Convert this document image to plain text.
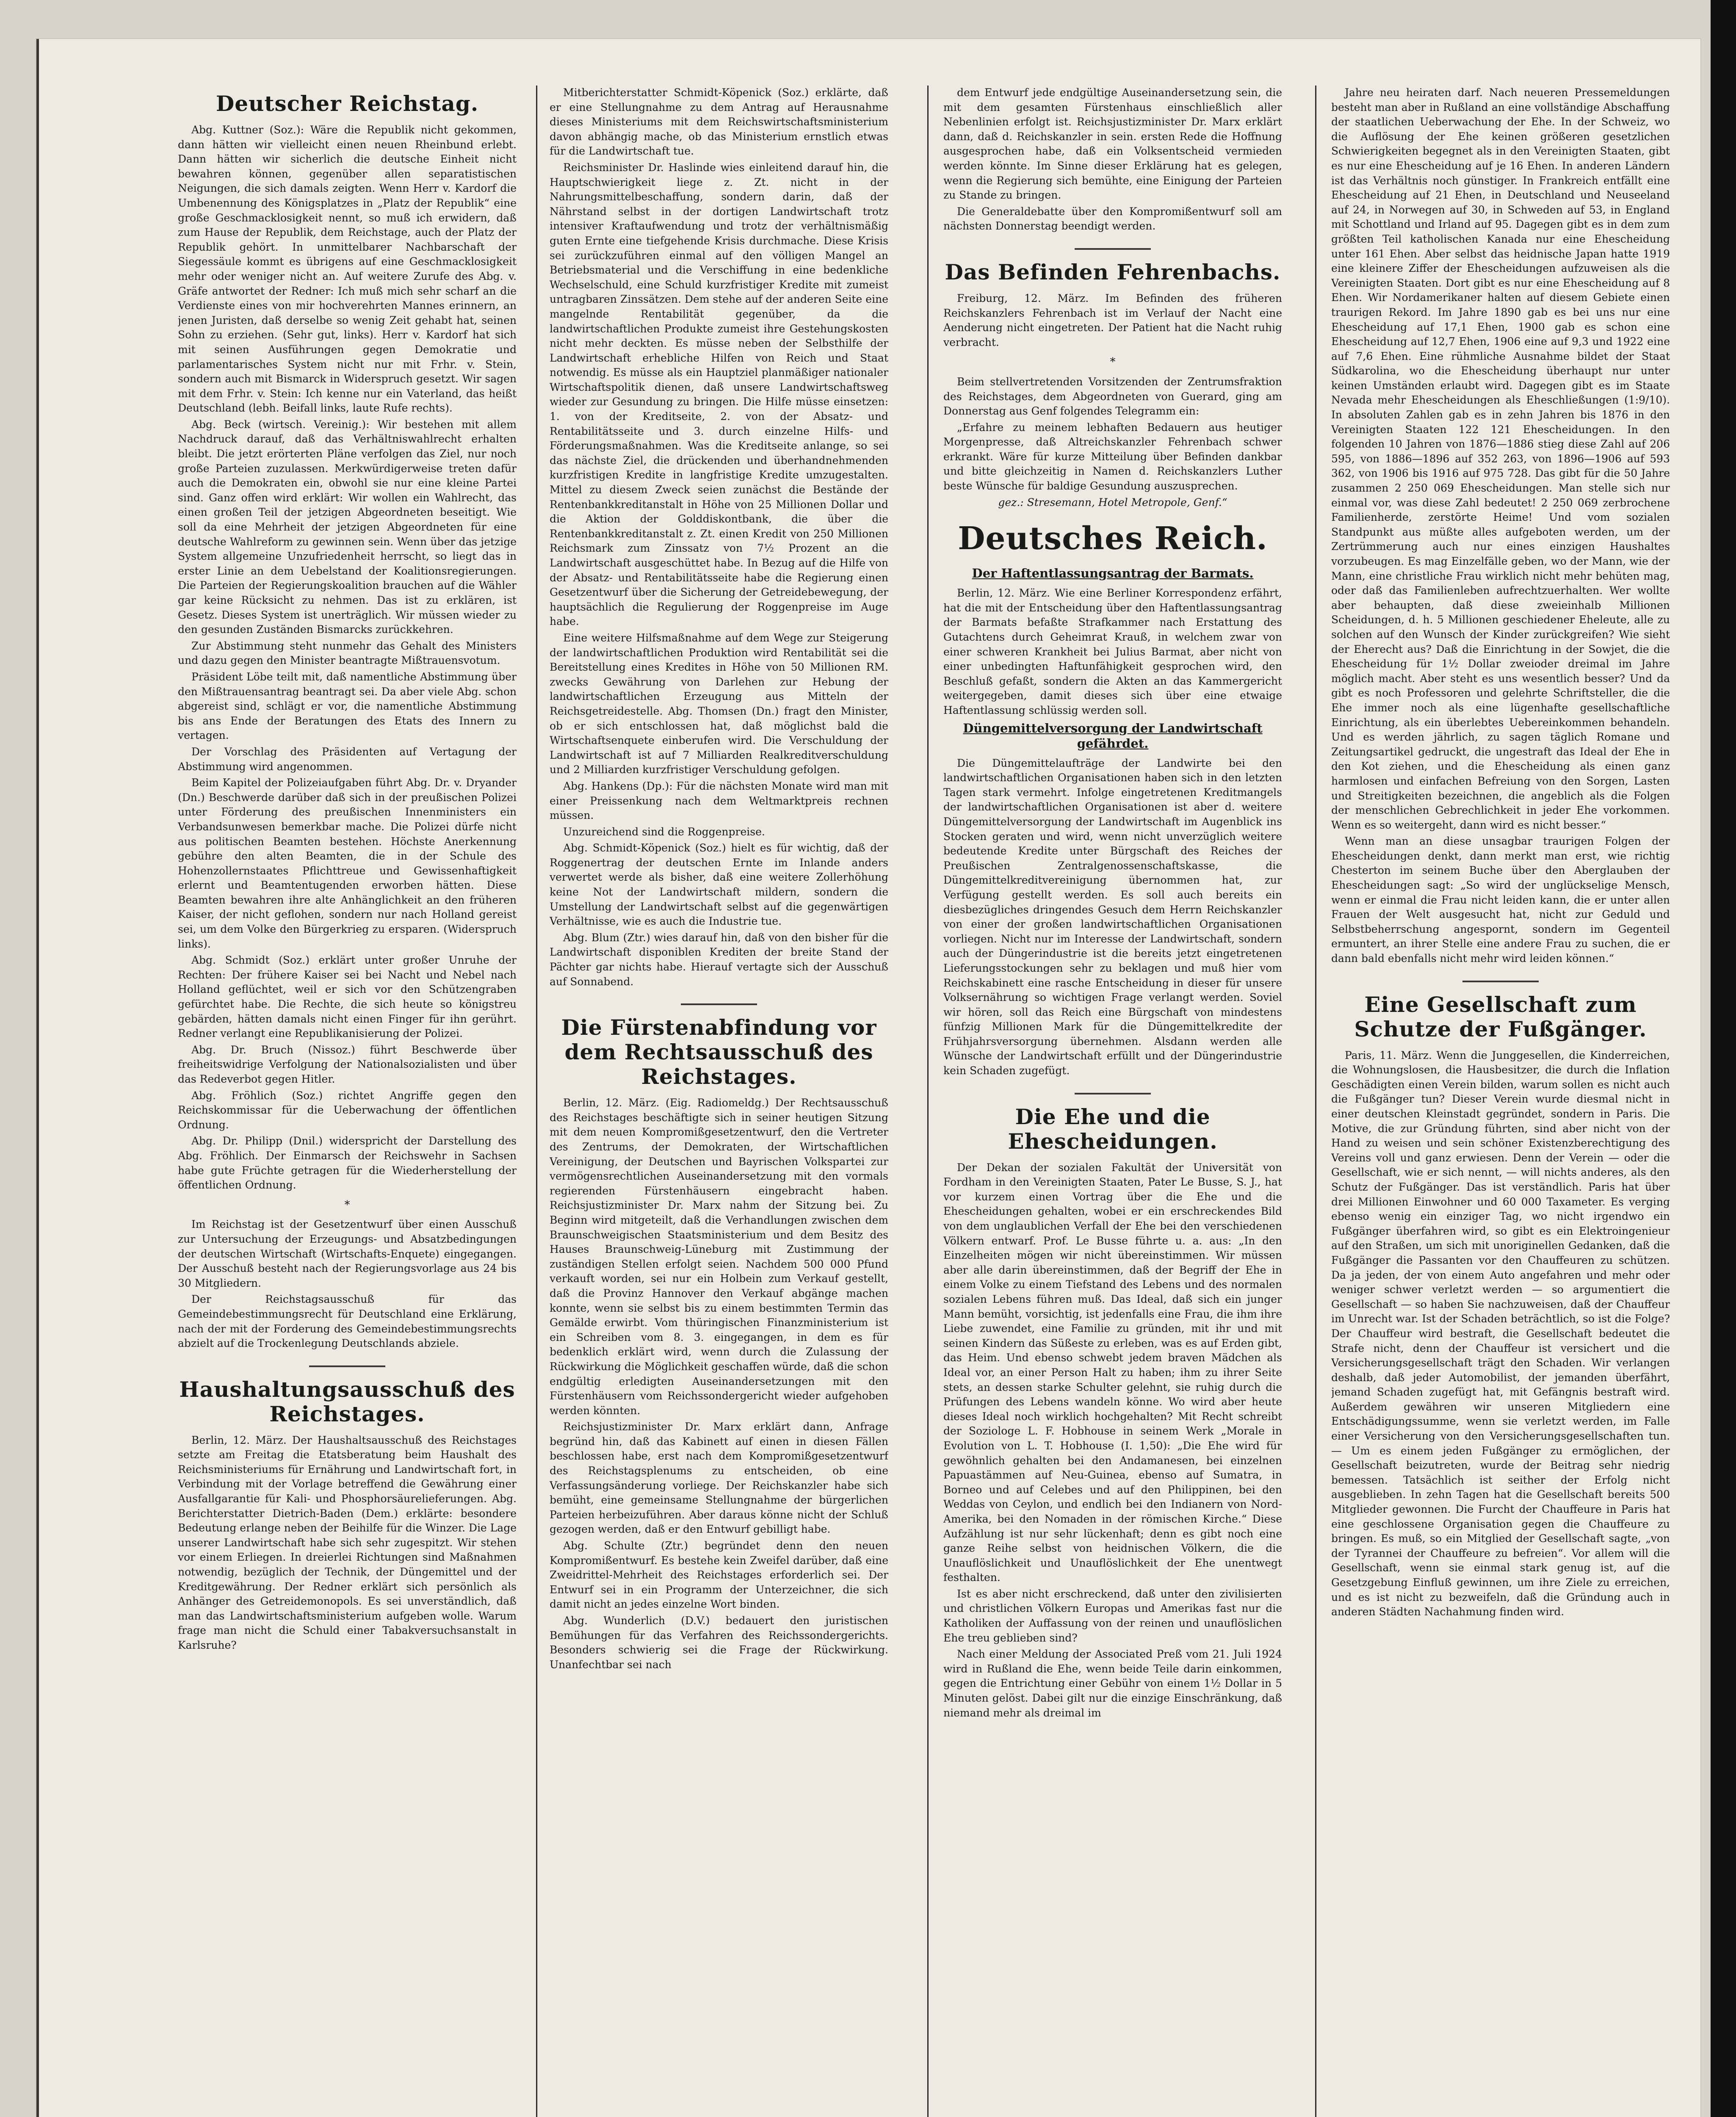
Deutscher Reichstag.

Abg. Kuttner (Soz.): Wäre die Republik nicht gekommen, dann hätten wir vielleicht einen neuen Rheinbund erlebt. Dann hätten wir sicherlich die deutsche Einheit nicht bewahren können, gegenüber allen separatistischen Neigungen, die sich damals zeigten. Wenn Herr v. Kardorf die Umbenennung des Königsplatzes in „Platz der Republik“ eine große Geschmacklosigkeit nennt, so muß ich erwidern, daß zum Hause der Republik, dem Reichstage, auch der Platz der Republik gehört. In unmittelbarer Nachbarschaft der Siegessäule kommt es übrigens auf eine Geschmacklosigkeit mehr oder weniger nicht an. Auf weitere Zurufe des Abg. v. Gräfe antwortet der Redner: Ich muß mich sehr scharf an die Verdienste eines von mir hochverehrten Mannes erinnern, an jenen Juristen, daß derselbe so wenig Zeit gehabt hat, seinen Sohn zu erziehen. (Sehr gut, links). Herr v. Kardorf hat sich mit seinen Ausführungen gegen Demokratie und parlamentarisches System nicht nur mit Frhr. v. Stein, sondern auch mit Bismarck in Widerspruch gesetzt. Wir sagen mit dem Frhr. v. Stein: Ich kenne nur ein Vaterland, das heißt Deutschland (lebh. Beifall links, laute Rufe rechts).

Abg. Beck (wirtsch. Vereinig.): Wir bestehen mit allem Nachdruck darauf, daß das Verhältniswahlrecht erhalten bleibt. Die jetzt erörterten Pläne verfolgen das Ziel, nur noch große Parteien zuzulassen. Merkwürdigerweise treten dafür auch die Demokraten ein, obwohl sie nur eine kleine Partei sind. Ganz offen wird erklärt: Wir wollen ein Wahlrecht, das einen großen Teil der jetzigen Abgeordneten beseitigt. Wie soll da eine Mehrheit der jetzigen Abgeordneten für eine deutsche Wahlreform zu gewinnen sein. Wenn über das jetzige System allgemeine Unzufriedenheit herrscht, so liegt das in erster Linie an dem Uebelstand der Koalitionsregierungen. Die Parteien der Regierungskoalition brauchen auf die Wähler gar keine Rücksicht zu nehmen. Das ist zu erklären, ist Gesetz. Dieses System ist unerträglich. Wir müssen wieder zu den gesunden Zuständen Bismarcks zurückkehren.

Zur Abstimmung steht nunmehr das Gehalt des Ministers und dazu gegen den Minister beantragte Mißtrauensvotum.

Präsident Löbe teilt mit, daß namentliche Abstimmung über den Mißtrauensantrag beantragt sei. Da aber viele Abg. schon abgereist sind, schlägt er vor, die namentliche Abstimmung bis ans Ende der Beratungen des Etats des Innern zu vertagen.

Der Vorschlag des Präsidenten auf Vertagung der Abstimmung wird angenommen.

Beim Kapitel der Polizeiaufgaben führt Abg. Dr. v. Dryander (Dn.) Beschwerde darüber daß sich in der preußischen Polizei unter Förderung des preußischen Innenministers ein Verbandsunwesen bemerkbar mache. Die Polizei dürfe nicht aus politischen Beamten bestehen. Höchste Anerkennung gebühre den alten Beamten, die in der Schule des Hohenzollernstaates Pflichttreue und Gewissenhaftigkeit erlernt und Beamtentugenden erworben hätten. Diese Beamten bewahren ihre alte Anhänglichkeit an den früheren Kaiser, der nicht geflohen, sondern nur nach Holland gereist sei, um dem Volke den Bürgerkrieg zu ersparen. (Widerspruch links).

Abg. Schmidt (Soz.) erklärt unter großer Unruhe der Rechten: Der frühere Kaiser sei bei Nacht und Nebel nach Holland geflüchtet, weil er sich vor den Schützengraben gefürchtet habe. Die Rechte, die sich heute so königstreu gebärden, hätten damals nicht einen Finger für ihn gerührt. Redner verlangt eine Republikanisierung der Polizei.

Abg. Dr. Bruch (Nissoz.) führt Beschwerde über freiheitswidrige Verfolgung der Nationalsozialisten und über das Redeverbot gegen Hitler.

Abg. Fröhlich (Soz.) richtet Angriffe gegen den Reichskommissar für die Ueberwachung der öffentlichen Ordnung.

Abg. Dr. Philipp (Dnil.) widerspricht der Darstellung des Abg. Fröhlich. Der Einmarsch der Reichswehr in Sachsen habe gute Früchte getragen für die Wiederherstellung der öffentlichen Ordnung.

*

Im Reichstag ist der Gesetzentwurf über einen Ausschuß zur Untersuchung der Erzeugungs- und Absatzbedingungen der deutschen Wirtschaft (Wirtschafts-Enquete) eingegangen. Der Ausschuß besteht nach der Regierungsvorlage aus 24 bis 30 Mitgliedern.

Der Reichstagsausschuß für das Gemeindebestimmungsrecht für Deutschland eine Erklärung, nach der mit der Forderung des Gemeindebestimmungsrechts abzielt auf die Trockenlegung Deutschlands abziele.

Haushaltungsausschuß des Reichstages.

Berlin, 12. März. Der Haushaltsausschuß des Reichstages setzte am Freitag die Etatsberatung beim Haushalt des Reichsministeriums für Ernährung und Landwirtschaft fort, in Verbindung mit der Vorlage betreffend die Gewährung einer Ausfallgarantie für Kali- und Phosphorsäurelieferungen. Abg. Berichterstatter Dietrich-Baden (Dem.) erklärte: besondere Bedeutung erlange neben der Beihilfe für die Winzer. Die Lage unserer Landwirtschaft habe sich sehr zugespitzt. Wir stehen vor einem Erliegen. In dreierlei Richtungen sind Maßnahmen notwendig, bezüglich der Technik, der Düngemittel und der Kreditgewährung. Der Redner erklärt sich persönlich als Anhänger des Getreidemonopols. Es sei unverständlich, daß man das Landwirtschaftsministerium aufgeben wolle. Warum frage man nicht die Schuld einer Tabakversuchsanstalt in Karlsruhe?

Mitberichterstatter Schmidt-Köpenick (Soz.) erklärte, daß er eine Stellungnahme zu dem Antrag auf Herausnahme dieses Ministeriums mit dem Reichswirtschaftsministerium davon abhängig mache, ob das Ministerium ernstlich etwas für die Landwirtschaft tue.

Reichsminister Dr. Haslinde wies einleitend darauf hin, die Hauptschwierigkeit liege z. Zt. nicht in der Nahrungsmittelbeschaffung, sondern darin, daß der Nährstand selbst in der dortigen Landwirtschaft trotz intensiver Kraftaufwendung und trotz der verhältnismäßig guten Ernte eine tiefgehende Krisis durchmache. Diese Krisis sei zurückzuführen einmal auf den völligen Mangel an Betriebsmaterial und die Verschiffung in eine bedenkliche Wechselschuld, eine Schuld kurzfristiger Kredite mit zumeist untragbaren Zinssätzen. Dem stehe auf der anderen Seite eine mangelnde Rentabilität gegenüber, da die landwirtschaftlichen Produkte zumeist ihre Gestehungskosten nicht mehr deckten. Es müsse neben der Selbsthilfe der Landwirtschaft erhebliche Hilfen von Reich und Staat notwendig. Es müsse als ein Hauptziel planmäßiger nationaler Wirtschaftspolitik dienen, daß unsere Landwirtschaftsweg wieder zur Gesundung zu bringen. Die Hilfe müsse einsetzen: 1. von der Kreditseite, 2. von der Absatz- und Rentabilitätsseite und 3. durch einzelne Hilfs- und Förderungsmaßnahmen. Was die Kreditseite anlange, so sei das nächste Ziel, die drückenden und überhandnehmenden kurzfristigen Kredite in langfristige Kredite umzugestalten. Mittel zu diesem Zweck seien zunächst die Bestände der Rentenbankkreditanstalt in Höhe von 25 Millionen Dollar und die Aktion der Golddiskontbank, die über die Rentenbankkreditanstalt z. Zt. einen Kredit von 250 Millionen Reichsmark zum Zinssatz von 7½ Prozent an die Landwirtschaft ausgeschüttet habe. In Bezug auf die Hilfe von der Absatz- und Rentabilitätsseite habe die Regierung einen Gesetzentwurf über die Sicherung der Getreidebewegung, der hauptsächlich die Regulierung der Roggenpreise im Auge habe.

Eine weitere Hilfsmaßnahme auf dem Wege zur Steigerung der landwirtschaftlichen Produktion wird Rentabilität sei die Bereitstellung eines Kredites in Höhe von 50 Millionen RM. zwecks Gewährung von Darlehen zur Hebung der landwirtschaftlichen Erzeugung aus Mitteln der Reichsgetreidestelle. Abg. Thomsen (Dn.) fragt den Minister, ob er sich entschlossen hat, daß möglichst bald die Wirtschaftsenquete einberufen wird. Die Verschuldung der Landwirtschaft ist auf 7 Milliarden Realkreditverschuldung und 2 Milliarden kurzfristiger Verschuldung gefolgen.

Abg. Hankens (Dp.): Für die nächsten Monate wird man mit einer Preissenkung nach dem Weltmarktpreis rechnen müssen.

Unzureichend sind die Roggenpreise.

Abg. Schmidt-Köpenick (Soz.) hielt es für wichtig, daß der Roggenertrag der deutschen Ernte im Inlande anders verwertet werde als bisher, daß eine weitere Zollerhöhung keine Not der Landwirtschaft mildern, sondern die Umstellung der Landwirtschaft selbst auf die gegenwärtigen Verhältnisse, wie es auch die Industrie tue.

Abg. Blum (Ztr.) wies darauf hin, daß von den bisher für die Landwirtschaft disponiblen Krediten der breite Stand der Pächter gar nichts habe. Hierauf vertagte sich der Ausschuß auf Sonnabend.

Die Fürstenabfindung vor dem Rechtsausschuß des Reichstages.

Berlin, 12. März. (Eig. Radiomeldg.) Der Rechtsausschuß des Reichstages beschäftigte sich in seiner heutigen Sitzung mit dem neuen Kompromißgesetzentwurf, den die Vertreter des Zentrums, der Demokraten, der Wirtschaftlichen Vereinigung, der Deutschen und Bayrischen Volkspartei zur vermögensrechtlichen Auseinandersetzung mit den vormals regierenden Fürstenhäusern eingebracht haben. Reichsjustizminister Dr. Marx nahm der Sitzung bei. Zu Beginn wird mitgeteilt, daß die Verhandlungen zwischen dem Braunschweigischen Staatsministerium und dem Besitz des Hauses Braunschweig-Lüneburg mit Zustimmung der zuständigen Stellen erfolgt seien. Nachdem 500 000 Pfund verkauft worden, sei nur ein Holbein zum Verkauf gestellt, daß die Provinz Hannover den Verkauf abgänge machen konnte, wenn sie selbst bis zu einem bestimmten Termin das Gemälde erwirbt. Vom thüringischen Finanzministerium ist ein Schreiben vom 8. 3. eingegangen, in dem es für bedenklich erklärt wird, wenn durch die Zulassung der Rückwirkung die Möglichkeit geschaffen würde, daß die schon endgültig erledigten Auseinandersetzungen mit den Fürstenhäusern vom Reichssondergericht wieder aufgehoben werden könnten.

Reichsjustizminister Dr. Marx erklärt dann, Anfrage begründ hin, daß das Kabinett auf einen in diesen Fällen beschlossen habe, erst nach dem Kompromißgesetzentwurf des Reichstagsplenums zu entscheiden, ob eine Verfassungsänderung vorliege. Der Reichskanzler habe sich bemüht, eine gemeinsame Stellungnahme der bürgerlichen Parteien herbeizuführen. Aber daraus könne nicht der Schluß gezogen werden, daß er den Entwurf gebilligt habe.

Abg. Schulte (Ztr.) begründet denn den neuen Kompromißentwurf. Es bestehe kein Zweifel darüber, daß eine Zweidrittel-Mehrheit des Reichstages erforderlich sei. Der Entwurf sei in ein Programm der Unterzeichner, die sich damit nicht an jedes einzelne Wort binden.

Abg. Wunderlich (D.V.) bedauert den juristischen Bemühungen für das Verfahren des Reichssondergerichts. Besonders schwierig sei die Frage der Rückwirkung. Unanfechtbar sei nach

dem Entwurf jede endgültige Auseinandersetzung sein, die mit dem gesamten Fürstenhaus einschließlich aller Nebenlinien erfolgt ist. Reichsjustizminister Dr. Marx erklärt dann, daß d. Reichskanzler in sein. ersten Rede die Hoffnung ausgesprochen habe, daß ein Volksentscheid vermieden werden könnte. Im Sinne dieser Erklärung hat es gelegen, wenn die Regierung sich bemühte, eine Einigung der Parteien zu Stande zu bringen.

Die Generaldebatte über den Kompromißentwurf soll am nächsten Donnerstag beendigt werden.

Das Befinden Fehrenbachs.

Freiburg, 12. März. Im Befinden des früheren Reichskanzlers Fehrenbach ist im Verlauf der Nacht eine Aenderung nicht eingetreten. Der Patient hat die Nacht ruhig verbracht.

*

Beim stellvertretenden Vorsitzenden der Zentrumsfraktion des Reichstages, dem Abgeordneten von Guerard, ging am Donnerstag aus Genf folgendes Telegramm ein:

„Erfahre zu meinem lebhaften Bedauern aus heutiger Morgenpresse, daß Altreichskanzler Fehrenbach schwer erkrankt. Wäre für kurze Mitteilung über Befinden dankbar und bitte gleichzeitig in Namen d. Reichskanzlers Luther beste Wünsche für baldige Gesundung auszusprechen.

gez.: Stresemann, Hotel Metropole, Genf.“

Deutsches Reich.
Der Haftentlassungsantrag der Barmats.

Berlin, 12. März. Wie eine Berliner Korrespondenz erfährt, hat die mit der Entscheidung über den Haftentlassungsantrag der Barmats befaßte Strafkammer nach Erstattung des Gutachtens durch Geheimrat Krauß, in welchem zwar von einer schweren Krankheit bei Julius Barmat, aber nicht von einer unbedingten Haftunfähigkeit gesprochen wird, den Beschluß gefaßt, sondern die Akten an das Kammergericht weitergegeben, damit dieses sich über eine etwaige Haftentlassung schlüssig werden soll.

Düngemittelversorgung der Landwirtschaft gefährdet.

Die Düngemittelaufträge der Landwirte bei den landwirtschaftlichen Organisationen haben sich in den letzten Tagen stark vermehrt. Infolge eingetretenen Kreditmangels der landwirtschaftlichen Organisationen ist aber d. weitere Düngemittelversorgung der Landwirtschaft im Augenblick ins Stocken geraten und wird, wenn nicht unverzüglich weitere bedeutende Kredite unter Bürgschaft des Reiches der Preußischen Zentralgenossenschaftskasse, die Düngemittelkreditvereinigung übernommen hat, zur Verfügung gestellt werden. Es soll auch bereits ein diesbezügliches dringendes Gesuch dem Herrn Reichskanzler von einer der großen landwirtschaftlichen Organisationen vorliegen. Nicht nur im Interesse der Landwirtschaft, sondern auch der Düngerindustrie ist die bereits jetzt eingetretenen Lieferungsstockungen sehr zu beklagen und muß hier vom Reichskabinett eine rasche Entscheidung in dieser für unsere Volksernährung so wichtigen Frage verlangt werden. Soviel wir hören, soll das Reich eine Bürgschaft von mindestens fünfzig Millionen Mark für die Düngemittelkredite der Frühjahrsversorgung übernehmen. Alsdann werden alle Wünsche der Landwirtschaft erfüllt und der Düngerindustrie kein Schaden zugefügt.

Die Ehe und die Ehescheidungen.

Der Dekan der sozialen Fakultät der Universität von Fordham in den Vereinigten Staaten, Pater Le Busse, S. J., hat vor kurzem einen Vortrag über die Ehe und die Ehescheidungen gehalten, wobei er ein erschreckendes Bild von dem unglaublichen Verfall der Ehe bei den verschiedenen Völkern entwarf. Prof. Le Busse führte u. a. aus: „In den Einzelheiten mögen wir nicht übereinstimmen. Wir müssen aber alle darin übereinstimmen, daß der Begriff der Ehe in einem Volke zu einem Tiefstand des Lebens und des normalen sozialen Lebens führen muß. Das Ideal, daß sich ein junger Mann bemüht, vorsichtig, ist jedenfalls eine Frau, die ihm ihre Liebe zuwendet, eine Familie zu gründen, mit ihr und mit seinen Kindern das Süßeste zu erleben, was es auf Erden gibt, das Heim. Und ebenso schwebt jedem braven Mädchen als Ideal vor, an einer Person Halt zu haben; ihm zu ihrer Seite stets, an dessen starke Schulter gelehnt, sie ruhig durch die Prüfungen des Lebens wandeln könne. Wo wird aber heute dieses Ideal noch wirklich hochgehalten? Mit Recht schreibt der Soziologe L. F. Hobhouse in seinem Werk „Morale in Evolution von L. T. Hobhouse (I. 1,50): „Die Ehe wird für gewöhnlich gehalten bei den Andamanesen, bei einzelnen Papuastämmen auf Neu-Guinea, ebenso auf Sumatra, in Borneo und auf Celebes und auf den Philippinen, bei den Weddas von Ceylon, und endlich bei den Indianern von Nord-Amerika, bei den Nomaden in der römischen Kirche.“ Diese Aufzählung ist nur sehr lückenhaft; denn es gibt noch eine ganze Reihe selbst von heidnischen Völkern, die die Unauflöslichkeit und Unauflöslichkeit der Ehe unentwegt festhalten.

Ist es aber nicht erschreckend, daß unter den zivilisierten und christlichen Völkern Europas und Amerikas fast nur die Katholiken der Auffassung von der reinen und unauflöslichen Ehe treu geblieben sind?

Nach einer Meldung der Associated Preß vom 21. Juli 1924 wird in Rußland die Ehe, wenn beide Teile darin einkommen, gegen die Entrichtung einer Gebühr von einem 1½ Dollar in 5 Minuten gelöst. Dabei gilt nur die einzige Einschränkung, daß niemand mehr als dreimal im

Jahre neu heiraten darf. Nach neueren Pressemeldungen besteht man aber in Rußland an eine vollständige Abschaffung der staatlichen Ueberwachung der Ehe. In der Schweiz, wo die Auflösung der Ehe keinen größeren gesetzlichen Schwierigkeiten begegnet als in den Vereinigten Staaten, gibt es nur eine Ehescheidung auf je 16 Ehen. In anderen Ländern ist das Verhältnis noch günstiger. In Frankreich entfällt eine Ehescheidung auf 21 Ehen, in Deutschland und Neuseeland auf 24, in Norwegen auf 30, in Schweden auf 53, in England mit Schottland und Irland auf 95. Dagegen gibt es in dem zum größten Teil katholischen Kanada nur eine Ehescheidung unter 161 Ehen. Aber selbst das heidnische Japan hatte 1919 eine kleinere Ziffer der Ehescheidungen aufzuweisen als die Vereinigten Staaten. Dort gibt es nur eine Ehescheidung auf 8 Ehen. Wir Nordamerikaner halten auf diesem Gebiete einen traurigen Rekord. Im Jahre 1890 gab es bei uns nur eine Ehescheidung auf 17,1 Ehen, 1900 gab es schon eine Ehescheidung auf 12,7 Ehen, 1906 eine auf 9,3 und 1922 eine auf 7,6 Ehen. Eine rühmliche Ausnahme bildet der Staat Südkarolina, wo die Ehescheidung überhaupt nur unter keinen Umständen erlaubt wird. Dagegen gibt es im Staate Nevada mehr Ehescheidungen als Eheschließungen (1:9/10). In absoluten Zahlen gab es in zehn Jahren bis 1876 in den Vereinigten Staaten 122 121 Ehescheidungen. In den folgenden 10 Jahren von 1876—1886 stieg diese Zahl auf 206 595, von 1886—1896 auf 352 263, von 1896—1906 auf 593 362, von 1906 bis 1916 auf 975 728. Das gibt für die 50 Jahre zusammen 2 250 069 Ehescheidungen. Man stelle sich nur einmal vor, was diese Zahl bedeutet! 2 250 069 zerbrochene Familienherde, zerstörte Heime! Und vom sozialen Standpunkt aus müßte alles aufgeboten werden, um der Zertrümmerung auch nur eines einzigen Haushaltes vorzubeugen. Es mag Einzelfälle geben, wo der Mann, wie der Mann, eine christliche Frau wirklich nicht mehr behüten mag, oder daß das Familienleben aufrechtzuerhalten. Wer wollte aber behaupten, daß diese zweieinhalb Millionen Scheidungen, d. h. 5 Millionen geschiedener Eheleute, alle zu solchen auf den Wunsch der Kinder zurückgreifen? Wie sieht der Eherecht aus? Daß die Einrichtung in der Sowjet, die die Ehescheidung für 1½ Dollar zweioder dreimal im Jahre möglich macht. Aber steht es uns wesentlich besser? Und da gibt es noch Professoren und gelehrte Schriftsteller, die die Ehe immer noch als eine lügenhafte gesellschaftliche Einrichtung, als ein überlebtes Uebereinkommen behandeln. Und es werden jährlich, zu sagen täglich Romane und Zeitungsartikel gedruckt, die ungestraft das Ideal der Ehe in den Kot ziehen, und die Ehescheidung als einen ganz harmlosen und einfachen Befreiung von den Sorgen, Lasten und Streitigkeiten bezeichnen, die angeblich als die Folgen der menschlichen Gebrechlichkeit in jeder Ehe vorkommen. Wenn es so weitergeht, dann wird es nicht besser.“

Wenn man an diese unsagbar traurigen Folgen der Ehescheidungen denkt, dann merkt man erst, wie richtig Chesterton im seinem Buche über den Aberglauben der Ehescheidungen sagt: „So wird der unglückselige Mensch, wenn er einmal die Frau nicht leiden kann, die er unter allen Frauen der Welt ausgesucht hat, nicht zur Geduld und Selbstbeherrschung angespornt, sondern im Gegenteil ermuntert, an ihrer Stelle eine andere Frau zu suchen, die er dann bald ebenfalls nicht mehr wird leiden können.“

Eine Gesellschaft zum Schutze der Fußgänger.

Paris, 11. März. Wenn die Junggesellen, die Kinderreichen, die Wohnungslosen, die Hausbesitzer, die durch die Inflation Geschädigten einen Verein bilden, warum sollen es nicht auch die Fußgänger tun? Dieser Verein wurde diesmal nicht in einer deutschen Kleinstadt gegründet, sondern in Paris. Die Motive, die zur Gründung führten, sind aber nicht von der Hand zu weisen und sein schöner Existenzberechtigung des Vereins voll und ganz erwiesen. Denn der Verein — oder die Gesellschaft, wie er sich nennt, — will nichts anderes, als den Schutz der Fußgänger. Das ist verständlich. Paris hat über drei Millionen Einwohner und 60 000 Taxameter. Es verging ebenso wenig ein einziger Tag, wo nicht irgendwo ein Fußgänger überfahren wird, so gibt es ein Elektroingenieur auf den Straßen, um sich mit unoriginellen Gedanken, daß die Fußgänger die Passanten vor den Chauffeuren zu schützen. Da ja jeden, der von einem Auto angefahren und mehr oder weniger schwer verletzt werden — so argumentiert die Gesellschaft — so haben Sie nachzuweisen, daß der Chauffeur im Unrecht war. Ist der Schaden beträchtlich, so ist die Folge? Der Chauffeur wird bestraft, die Gesellschaft bedeutet die Strafe nicht, denn der Chauffeur ist versichert und die Versicherungsgesellschaft trägt den Schaden. Wir verlangen deshalb, daß jeder Automobilist, der jemanden überfährt, jemand Schaden zugefügt hat, mit Gefängnis bestraft wird. Außerdem gewähren wir unseren Mitgliedern eine Entschädigungssumme, wenn sie verletzt werden, im Falle einer Versicherung von den Versicherungsgesellschaften tun. — Um es einem jeden Fußgänger zu ermöglichen, der Gesellschaft beizutreten, wurde der Beitrag sehr niedrig bemessen. Tatsächlich ist seither der Erfolg nicht ausgeblieben. In zehn Tagen hat die Gesellschaft bereits 500 Mitglieder gewonnen. Die Furcht der Chauffeure in Paris hat eine geschlossene Organisation gegen die Chauffeure zu bringen. Es muß, so ein Mitglied der Gesellschaft sagte, „von der Tyrannei der Chauffeure zu befreien“. Vor allem will die Gesellschaft, wenn sie einmal stark genug ist, auf die Gesetzgebung Einfluß gewinnen, um ihre Ziele zu erreichen, und es ist nicht zu bezweifeln, daß die Gründung auch in anderen Städten Nachahmung finden wird.
